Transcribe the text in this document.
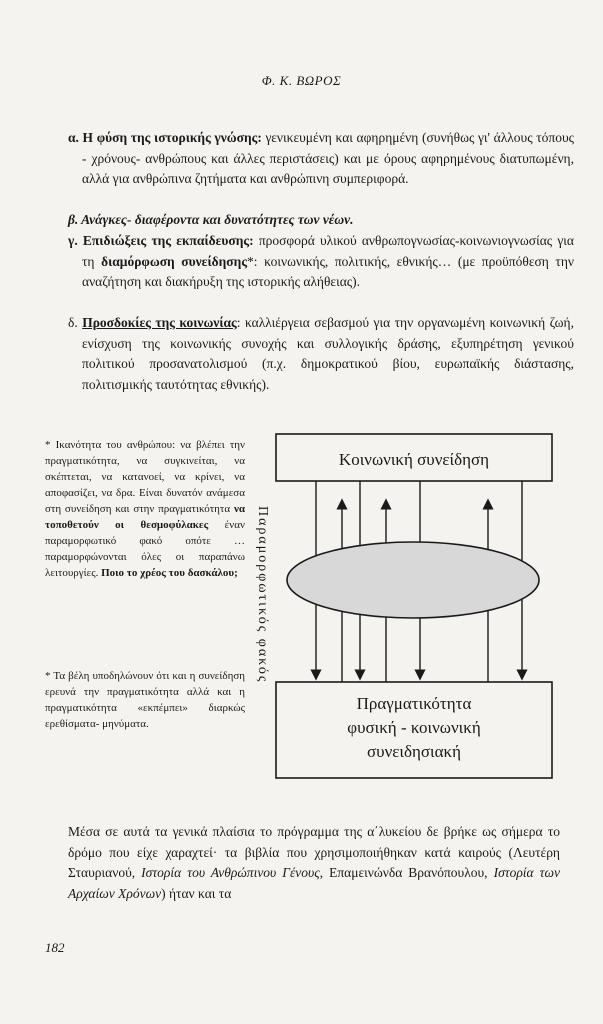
Φ. Κ. ΒΩΡΟΣ
α. Η φύση της ιστορικής γνώσης: γενικευμένη και αφηρημένη (συνήθως γι' άλλους τόπους - χρόνους- ανθρώπους και άλλες περιστάσεις) και με όρους αφηρημένους διατυπωμένη, αλλά για ανθρώπινα ζητήματα και ανθρώπινη συμπεριφορά.
β. Ανάγκες- διαφέροντα και δυνατότητες των νέων.
γ. Επιδιώξεις της εκπαίδευσης: προσφορά υλικού ανθρωπογνωσίας-κοινωνιογνωσίας για τη διαμόρφωση συνείδησης*: κοινωνικής, πολιτικής, εθνικής… (με προϋπόθεση την αναζήτηση και διακήρυξη της ιστορικής αλήθειας).
δ. Προσδοκίες της κοινωνίας: καλλιέργεια σεβασμού για την οργανωμένη κοινωνική ζωή, ενίσχυση της κοινωνικής συνοχής και συλλογικής δράσης, εξυπηρέτηση γενικού πολιτικού προσανατολισμού (π.χ. δημοκρατικού βίου, ευρωπαϊκής διάστασης, πολιτισμικής ταυτότητας εθνικής).
* Ικανότητα του ανθρώπου: να βλέπει την πραγματικότητα, να συγκινείται, να σκέπτεται, να κατανοεί, να κρίνει, να αποφασίζει, να δρα. Είναι δυνατόν ανάμεσα στη συνείδηση και στην πραγματικότητα να τοποθετούν οι θεσμοφύλακες έναν παραμορφωτικό φακό οπότε … παραμορφώνονται όλες οι παραπάνω λειτουργίες. Ποιο το χρέος του δασκάλου;
* Τα βέλη υποδηλώνουν ότι και η συνείδηση ερευνά την πραγματικότητα αλλά και η πραγματικότητα «εκπέμπει» διαρκώς ερεθίσματα- μηνύματα.
Παραμορφωτικός φακός
Κοινωνική συνείδηση
Πραγματικότητα
φυσική - κοινωνική
συνειδησιακή
Μέσα σε αυτά τα γενικά πλαίσια το πρόγραμμα της α΄λυκείου δε βρήκε ως σήμερα το δρόμο που είχε χαραχτεί· τα βιβλία που χρησιμοποιήθηκαν κατά καιρούς (Λευτέρη Σταυριανού, Ιστορία του Ανθρώπινου Γένους, Επαμεινώνδα Βρανόπουλου, Ιστορία των Αρχαίων Χρόνων) ήταν και τα
182
